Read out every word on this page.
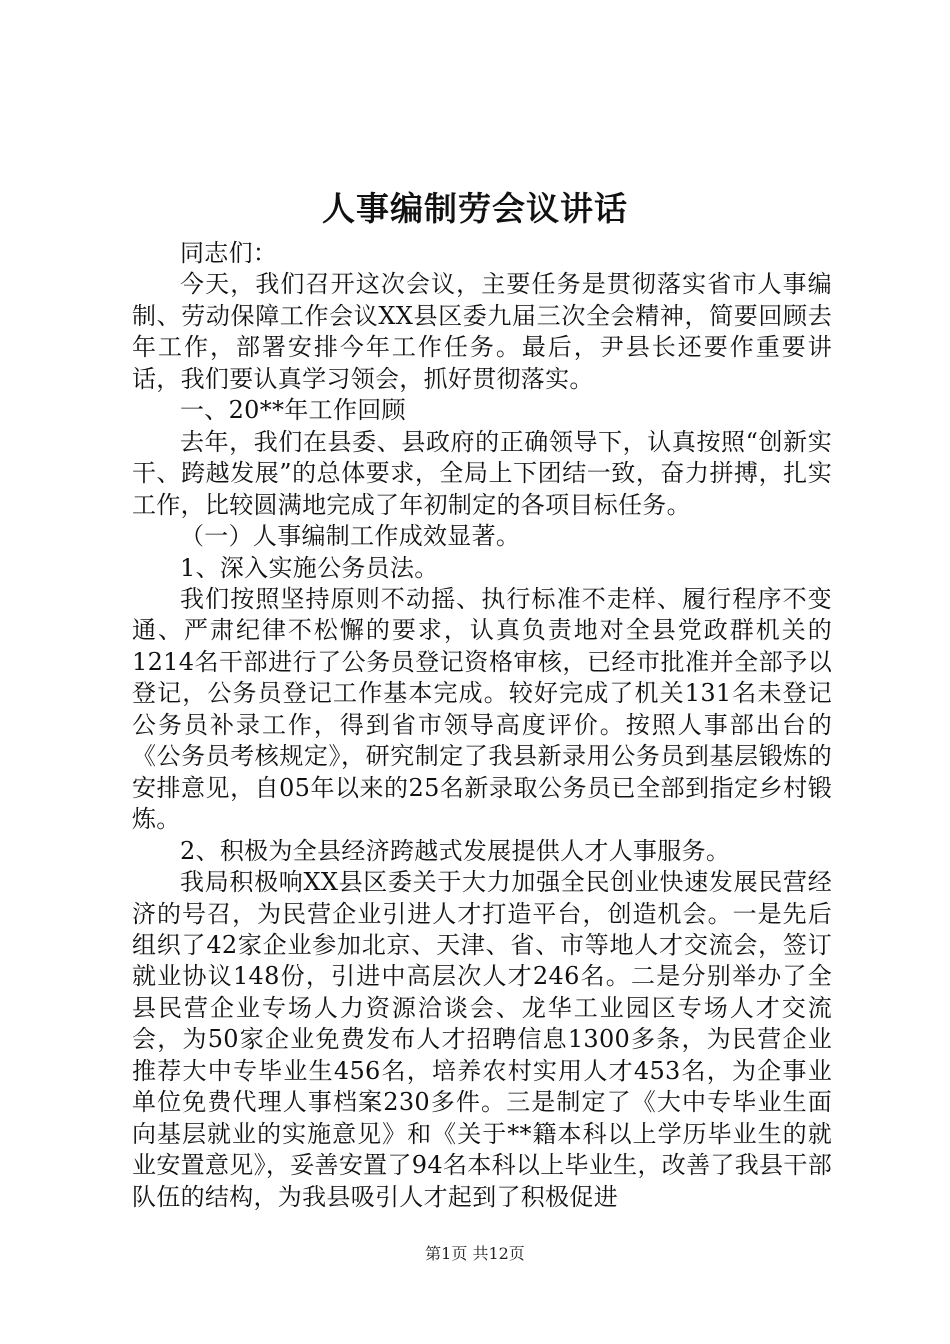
人事编制劳会议讲话

同志们：

今天，我们召开这次会议，主要任务是贯彻落实省市人事编制、劳动保障工作会议XX县区委九届三次全会精神，简要回顾去年工作，部署安排今年工作任务。最后，尹县长还要作重要讲话，我们要认真学习领会，抓好贯彻落实。

一、20**年工作回顾

去年，我们在县委、县政府的正确领导下，认真按照“创新实干、跨越发展”的总体要求，全局上下团结一致，奋力拼搏，扎实工作，比较圆满地完成了年初制定的各项目标任务。

（一）人事编制工作成效显著。

1、深入实施公务员法。

我们按照坚持原则不动摇、执行标准不走样、履行程序不变通、严肃纪律不松懈的要求，认真负责地对全县党政群机关的1214名干部进行了公务员登记资格审核，已经市批准并全部予以登记，公务员登记工作基本完成。较好完成了机关131名未登记公务员补录工作，得到省市领导高度评价。按照人事部出台的《公务员考核规定》，研究制定了我县新录用公务员到基层锻炼的安排意见，自05年以来的25名新录取公务员已全部到指定乡村锻炼。

2、积极为全县经济跨越式发展提供人才人事服务。

我局积极响XX县区委关于大力加强全民创业快速发展民营经济的号召，为民营企业引进人才打造平台，创造机会。一是先后组织了42家企业参加北京、天津、省、市等地人才交流会，签订就业协议148份，引进中高层次人才246名。二是分别举办了全县民营企业专场人力资源洽谈会、龙华工业园区专场人才交流会，为50家企业免费发布人才招聘信息1300多条，为民营企业推荐大中专毕业生456名，培养农村实用人才453名，为企事业单位免费代理人事档案230多件。三是制定了《大中专毕业生面向基层就业的实施意见》和《关于**籍本科以上学历毕业生的就业安置意见》，妥善安置了94名本科以上毕业生，改善了我县干部队伍的结构，为我县吸引人才起到了积极促进

第1页 共12页
